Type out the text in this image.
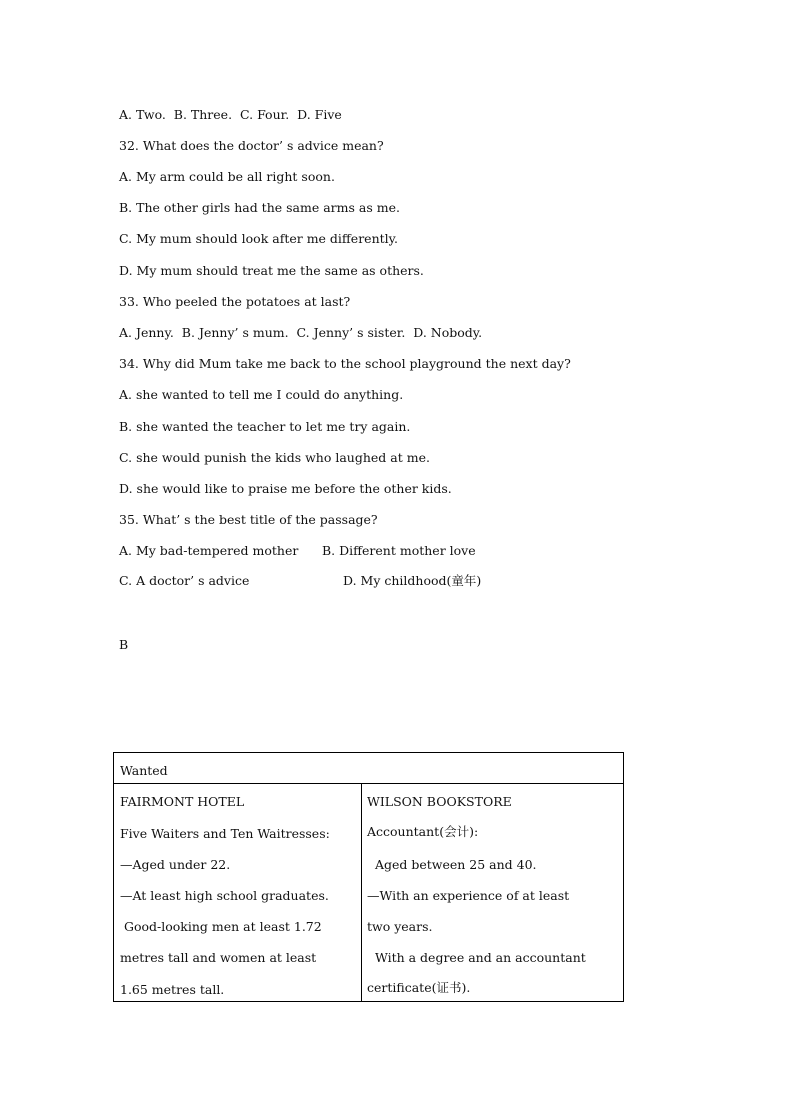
A. Two.  B. Three.  C. Four.  D. Five
32. What does the doctor’ s advice mean?
A. My arm could be all right soon.
B. The other girls had the same arms as me.
C. My mum should look after me differently.
D. My mum should treat me the same as others.
33. Who peeled the potatoes at last?
A. Jenny.  B. Jenny’ s mum.  C. Jenny’ s sister.  D. Nobody.
34. Why did Mum take me back to the school playground the next day?
A. she wanted to tell me I could do anything.
B. she wanted the teacher to let me try again.
C. she would punish the kids who laughed at me.
D. she would like to praise me before the other kids.
35. What’ s the best title of the passage?
A. My bad-tempered mother B. Different mother love
C. A doctor’ s advice	D. My childhood(童年)
B
Wanted
FAIRMONT HOTEL
Five Waiters and Ten Waitresses:
—Aged under 22.
—At least high school graduates.
Good-looking men at least 1.72
metres tall and women at least
1.65 metres tall.
WILSON BOOKSTORE
Accountant(会计):
Aged between 25 and 40.
—With an experience of at least
two years.
With a degree and an accountant
certificate(证书).
